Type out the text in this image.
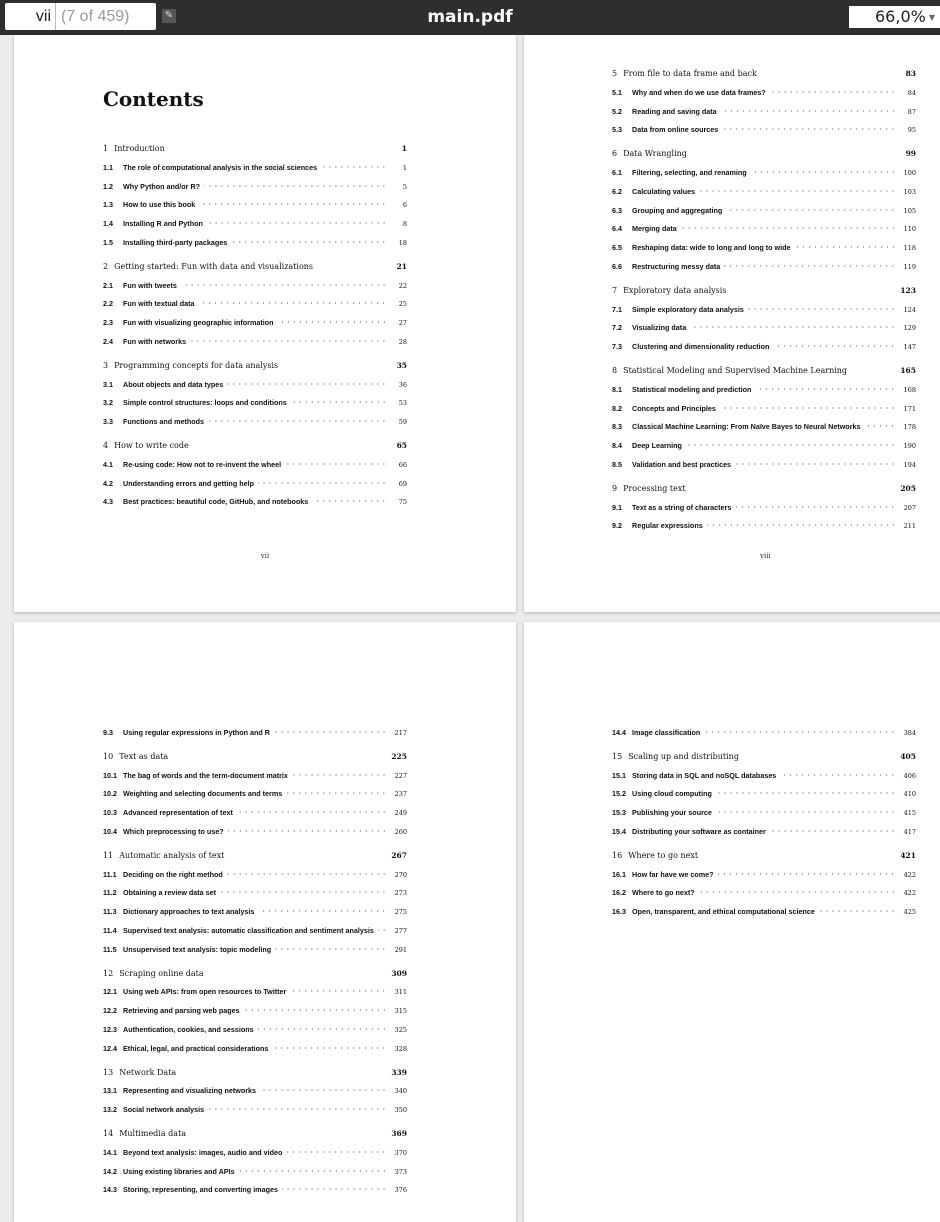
vii (7 of 459)	✎	main.pdf	66,0% ▼
Contents
1 Introduction	1
1.1	The role of computational analysis in the social sciences	1
1.2	Why Python and/or R?	5
1.3	How to use this book	6
1.4	Installing R and Python	8
1.5	Installing third-party packages	18
2 Getting started: Fun with data and visualizations	21
2.1	Fun with tweets	22
2.2	Fun with textual data	25
2.3	Fun with visualizing geographic information	27
2.4	Fun with networks	28
3 Programming concepts for data analysis	35
3.1	About objects and data types	36
3.2	Simple control structures: loops and conditions	53
3.3	Functions and methods	59
4 How to write code	65
4.1	Re-using code: How not to re-invent the wheel	66
4.2	Understanding errors and getting help	69
4.3	Best practices: beautiful code, GitHub, and notebooks	75
vii
5 From file to data frame and back	83
5.1	Why and when do we use data frames?	84
5.2	Reading and saving data	87
5.3	Data from online sources	95
6 Data Wrangling	99
6.1	Filtering, selecting, and renaming	100
6.2	Calculating values	103
6.3	Grouping and aggregating	105
6.4	Merging data	110
6.5	Reshaping data: wide to long and long to wide	118
6.6	Restructuring messy data	119
7 Exploratory data analysis	123
7.1	Simple exploratory data analysis	124
7.2	Visualizing data	129
7.3	Clustering and dimensionality reduction	147
8 Statistical Modeling and Supervised Machine Learning	165
8.1	Statistical modeling and prediction	168
8.2	Concepts and Principles	171
8.3	Classical Machine Learning: From Naïve Bayes to Neural Networks	178
8.4	Deep Learning	190
8.5	Validation and best practices	194
9 Processing text	205
9.1	Text as a string of characters	207
9.2	Regular expressions	211
viii
9.3	Using regular expressions in Python and R	217
10 Text as data	225
10.1 The bag of words and the term-document matrix	227
10.2 Weighting and selecting documents and terms	237
10.3 Advanced representation of text	249
10.4 Which preprocessing to use?	260
11 Automatic analysis of text	267
11.1 Deciding on the right method	270
11.2 Obtaining a review data set	273
11.3 Dictionary approaches to text analysis	275
11.4 Supervised text analysis: automatic classification and sentiment analysis	277
11.5 Unsupervised text analysis: topic modeling	291
12 Scraping online data	309
12.1 Using web APIs: from open resources to Twitter	311
12.2 Retrieving and parsing web pages	315
12.3 Authentication, cookies, and sessions	325
12.4 Ethical, legal, and practical considerations	328
13 Network Data	339
13.1 Representing and visualizing networks	340
13.2 Social network analysis	350
14 Multimedia data	369
14.1 Beyond text analysis: images, audio and video	370
14.2 Using existing libraries and APIs	373
14.3 Storing, representing, and converting images	376
14.4 Image classification	384
15 Scaling up and distributing	405
15.1 Storing data in SQL and noSQL databases	406
15.2 Using cloud computing	410
15.3 Publishing your source	415
15.4 Distributing your software as container	417
16 Where to go next	421
16.1 How far have we come?	422
16.2 Where to go next?	422
16.3 Open, transparent, and ethical computational science	425
